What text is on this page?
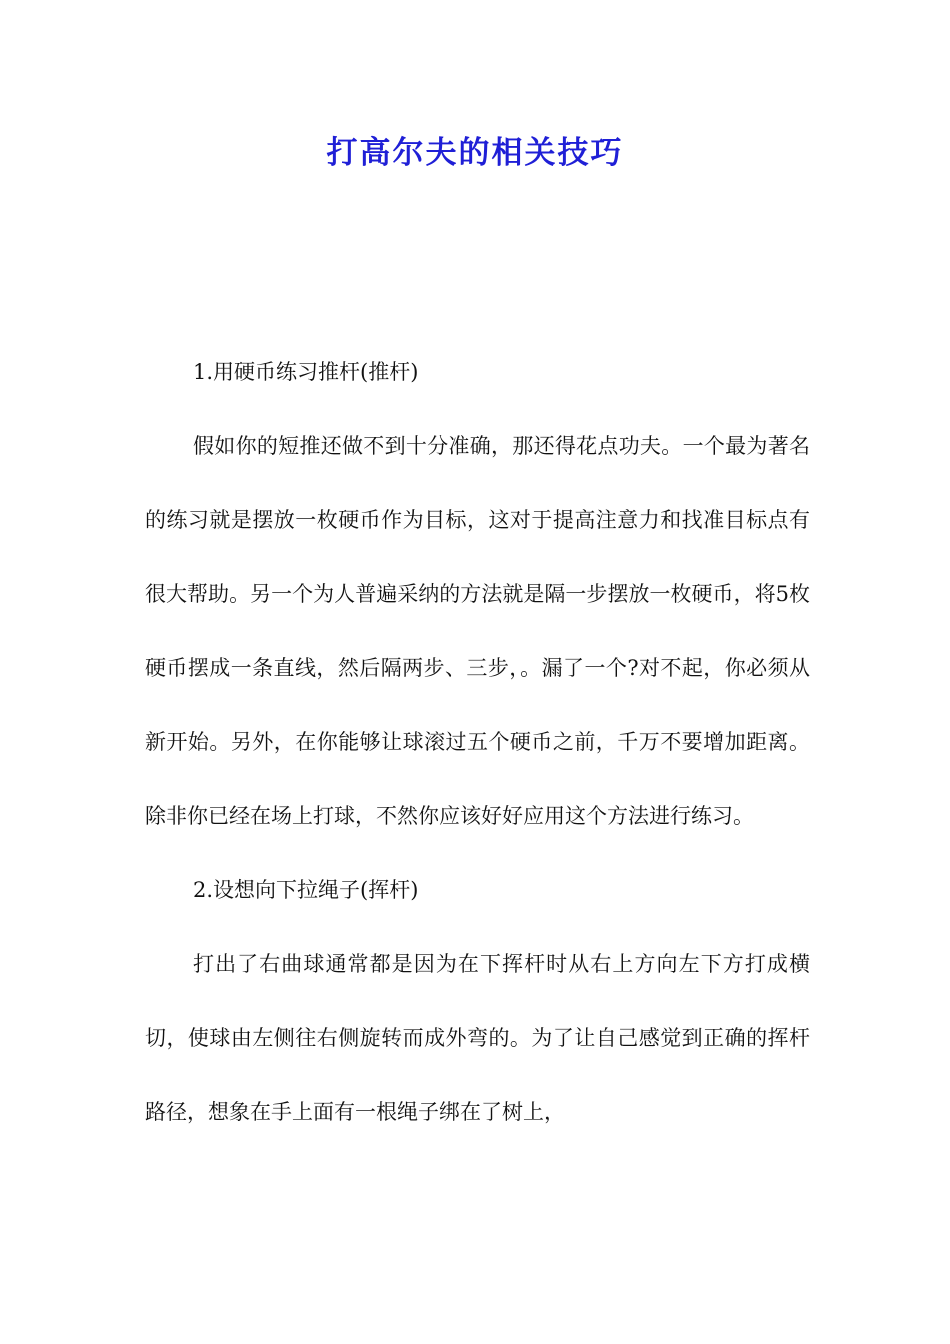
打高尔夫的相关技巧

1.用硬币练习推杆(推杆)

假如你的短推还做不到十分准确，那还得花点功夫。一个最为著名的练习就是摆放一枚硬币作为目标，这对于提高注意力和找准目标点有很大帮助。另一个为人普遍采纳的方法就是隔一步摆放一枚硬币，将5枚硬币摆成一条直线，然后隔两步、三步，。漏了一个?对不起，你必须从新开始。另外，在你能够让球滚过五个硬币之前，千万不要增加距离。除非你已经在场上打球，不然你应该好好应用这个方法进行练习。

2.设想向下拉绳子(挥杆)

打出了右曲球通常都是因为在下挥杆时从右上方向左下方打成横切，使球由左侧往右侧旋转而成外弯的。为了让自己感觉到正确的挥杆路径，想象在手上面有一根绳子绑在了树上，
